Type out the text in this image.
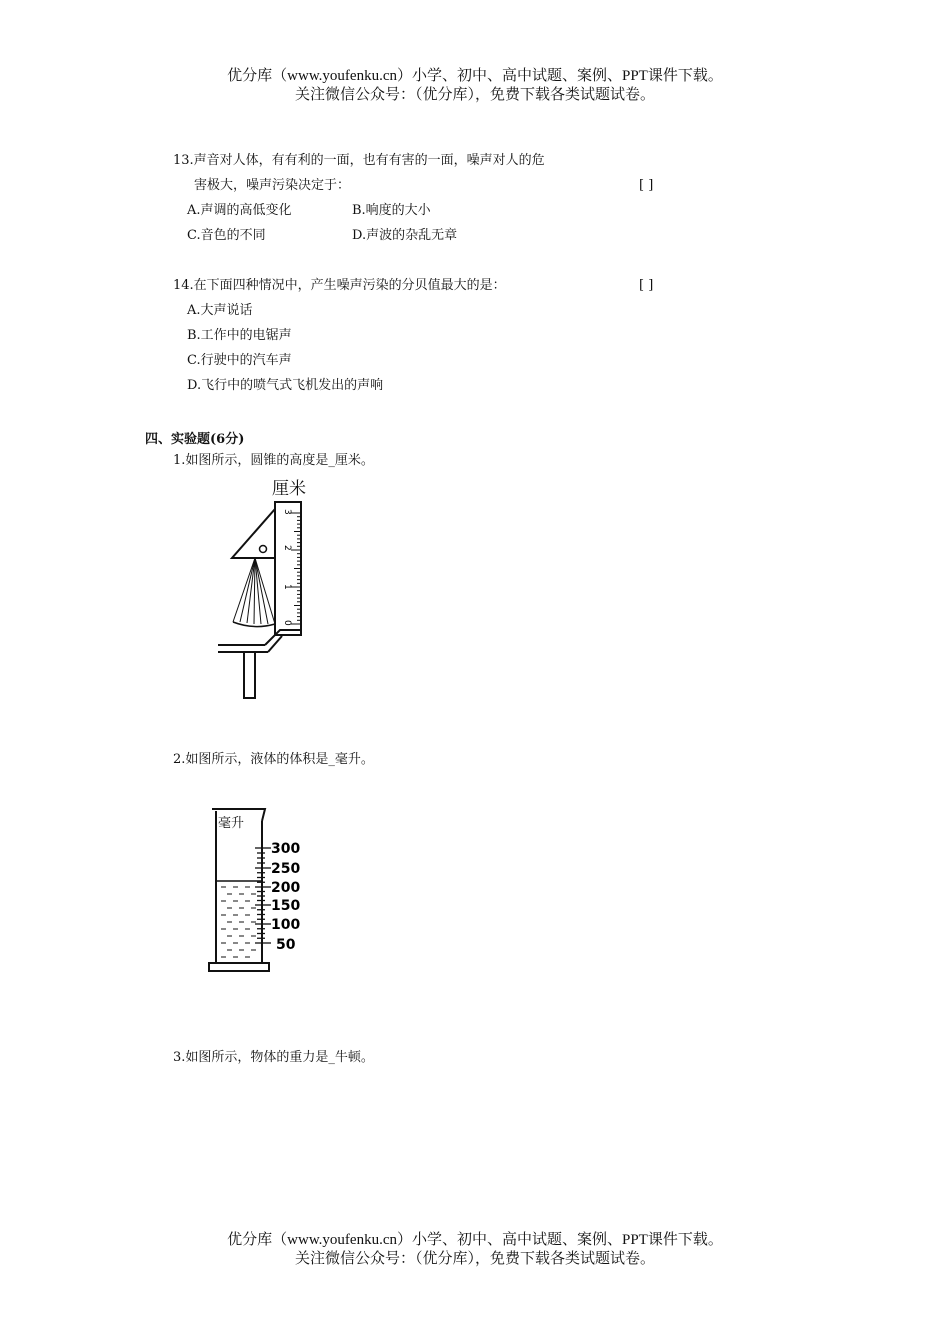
优分库（www.youfenku.cn）小学、初中、高中试题、案例、PPT课件下载。
关注微信公众号：（优分库），免费下载各类试题试卷。
13.声音对人体，有有利的一面，也有有害的一面，噪声对人的危
害极大，噪声污染决定于：	[ ]
A.声调的高低变化	B.响度的大小
C.音色的不同	D.声波的杂乱无章
14.在下面四种情况中，产生噪声污染的分贝值最大的是：	[ ]
A.大声说话
B.工作中的电锯声
C.行驶中的汽车声
D.飞行中的喷气式飞机发出的声响
四、实验题(6分)
1.如图所示，圆锥的高度是_厘米。
厘米
3
2
1
0
2.如图所示，液体的体积是_毫升。
毫升
300
250
200
150
100
50
3.如图所示，物体的重力是_牛顿。
优分库（www.youfenku.cn）小学、初中、高中试题、案例、PPT课件下载。
关注微信公众号：（优分库），免费下载各类试题试卷。
